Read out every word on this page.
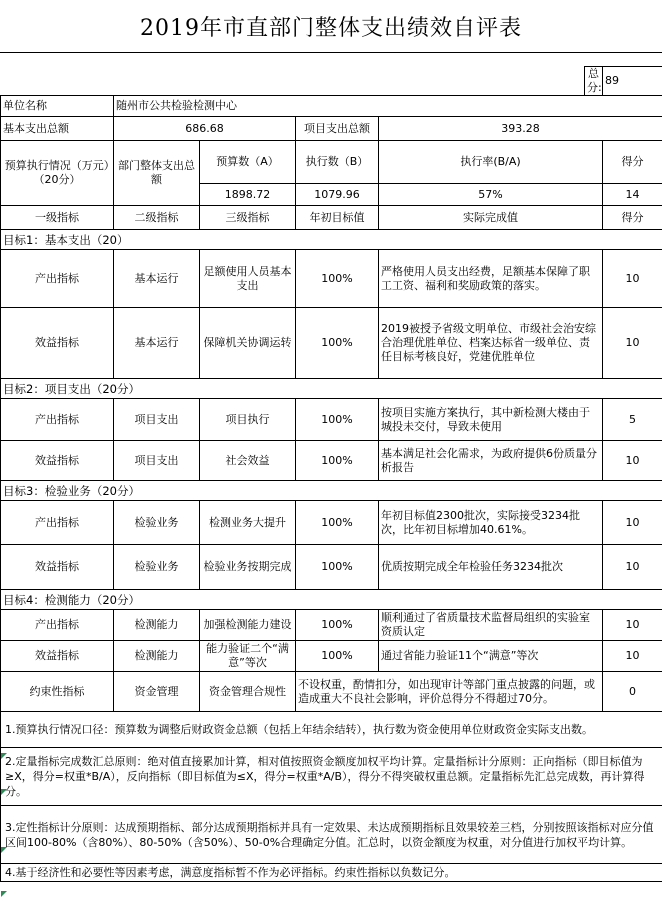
2019年市直部门整体支出绩效自评表
					总分:	89
单位名称	随州市公共检验检测中心					
基本支出总额	686.68		项目支出总额	393.28		
预算执行情况（万元）（20分）	部门整体支出总额	预算数（A）	执行数（B）	执行率(B/A)		得分
		1898.72	1079.96	57%		14
一级指标	二级指标	三级指标	年初目标值	实际完成值		得分
目标1：基本支出（20）						
产出指标	基本运行	足额使用人员基本支出	100%	严格使用人员支出经费，足额基本保障了职工工资、福利和奖励政策的落实。		10
效益指标	基本运行	保障机关协调运转	100%	2019被授予省级文明单位、市级社会治安综合治理优胜单位、档案达标省一级单位、责任目标考核良好，党建优胜单位		10
目标2：项目支出（20分）						
产出指标	项目支出	项目执行	100%	按项目实施方案执行，其中新检测大楼由于城投未交付，导致未使用		5
效益指标	项目支出	社会效益	100%	基本满足社会化需求，为政府提供6份质量分析报告		10
目标3：检验业务（20分）						
产出指标	检验业务	检测业务大提升	100%	年初目标值2300批次，实际接受3234批次，比年初目标增加40.61%。		10
效益指标	检验业务	检验业务按期完成	100%	优质按期完成全年检验任务3234批次		10
目标4：检测能力（20分）						
产出指标	检测能力	加强检测能力建设	100%	顺利通过了省质量技术监督局组织的实验室资质认定		10
效益指标	检测能力	能力验证二个“满意”等次	100%	通过省能力验证11个“满意”等次		10
约束性指标	资金管理	资金管理合规性	不设权重，酌情扣分，如出现审计等部门重点披露的问题，或造成重大不良社会影响，评价总得分不得超过70分。			0
1.预算执行情况口径：预算数为调整后财政资金总额（包括上年结余结转），执行数为资金使用单位财政资金实际支出数。						
2.定量指标完成数汇总原则：绝对值直接累加计算，相对值按照资金额度加权平均计算。定量指标计分原则：正向指标（即目标值为≥X，得分=权重*B/A），反向指标（即目标值为≤X，得分=权重*A/B），得分不得突破权重总额。定量指标先汇总完成数，再计算得分。						
3.定性指标计分原则：达成预期指标、部分达成预期指标并具有一定效果、未达成预期指标且效果较差三档，分别按照该指标对应分值区间100-80%（含80%）、80-50%（含50%）、50-0%合理确定分值。汇总时，以资金额度为权重，对分值进行加权平均计算。						
4.基于经济性和必要性等因素考虑，满意度指标暂不作为必评指标。约束性指标以负数记分。						
